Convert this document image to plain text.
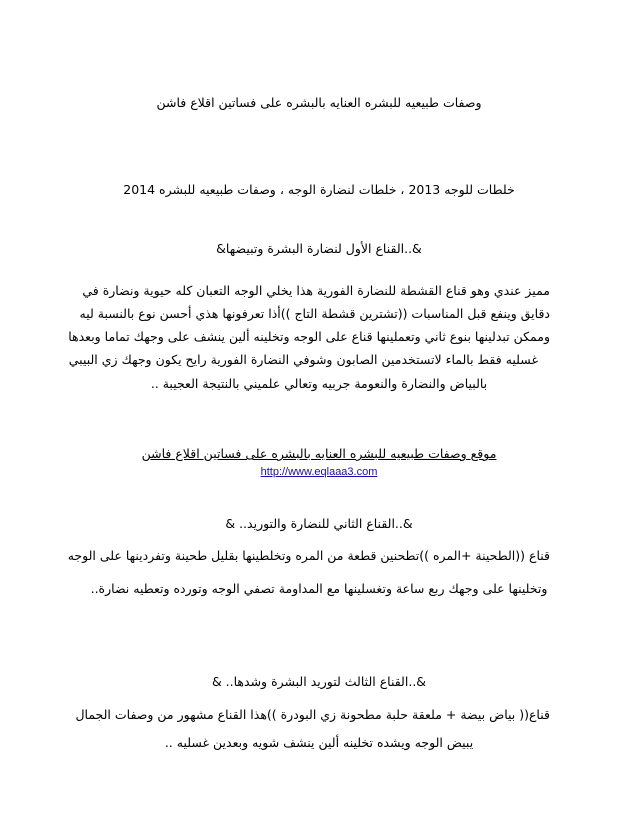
وصفات طبيعيه للبشره العنايه بالبشره على فساتين اقلاع فاشن
خلطات للوجه 2013 ، خلطات لنضارة الوجه ، وصفات طبيعيه للبشره 2014
&..القناع الأول لنضارة البشرة وتبيضها&
مميز عندي وهو قناع القشطة للنضارة الفورية هذا يخلي الوجه التعبان كله حيوية ونضارة في
دقايق وينفع قبل المناسبات ((تشترين قشطة التاج ))أذا تعرفونها هذي أحسن نوع بالنسبة ليه
وممكن تبدلينها بنوع ثاني وتعملينها قناع على الوجه وتخلينه ألين ينشف على وجهك تماما وبعدها
غسليه فقط بالماء لاتستخدمين الصابون وشوفي النضارة الفورية رايح يكون وجهك زي البيبي
بالبياض والنضارة والنعومة جربيه وتعالي علميني بالنتيجة العجيبة ..
موقع وصفات طبيعيه للبشره العنايه بالبشره على فساتين اقلاع فاشن
http://www.eqlaaa3.com
&..القناع الثاني للنضارة والتوريد.. &
قناع ((الطحينة +المره ))تطحنين قطعة من المره وتخلطينها بقليل طحينة وتفردينها على الوجه
وتخلينها على وجهك ربع ساعة وتغسلينها مع المداومة تصفي الوجه وتورده وتعطيه نضارة..
&..القناع الثالث لتوريد البشرة وشدها.. &
قناع(( بياض بيضة + ملعقة حلبة مطحونة زي البودرة ))هذا القناع مشهور من وصفات الجمال
يبيض الوجه ويشده تخلينه ألين ينشف شويه وبعدين غسليه ..
